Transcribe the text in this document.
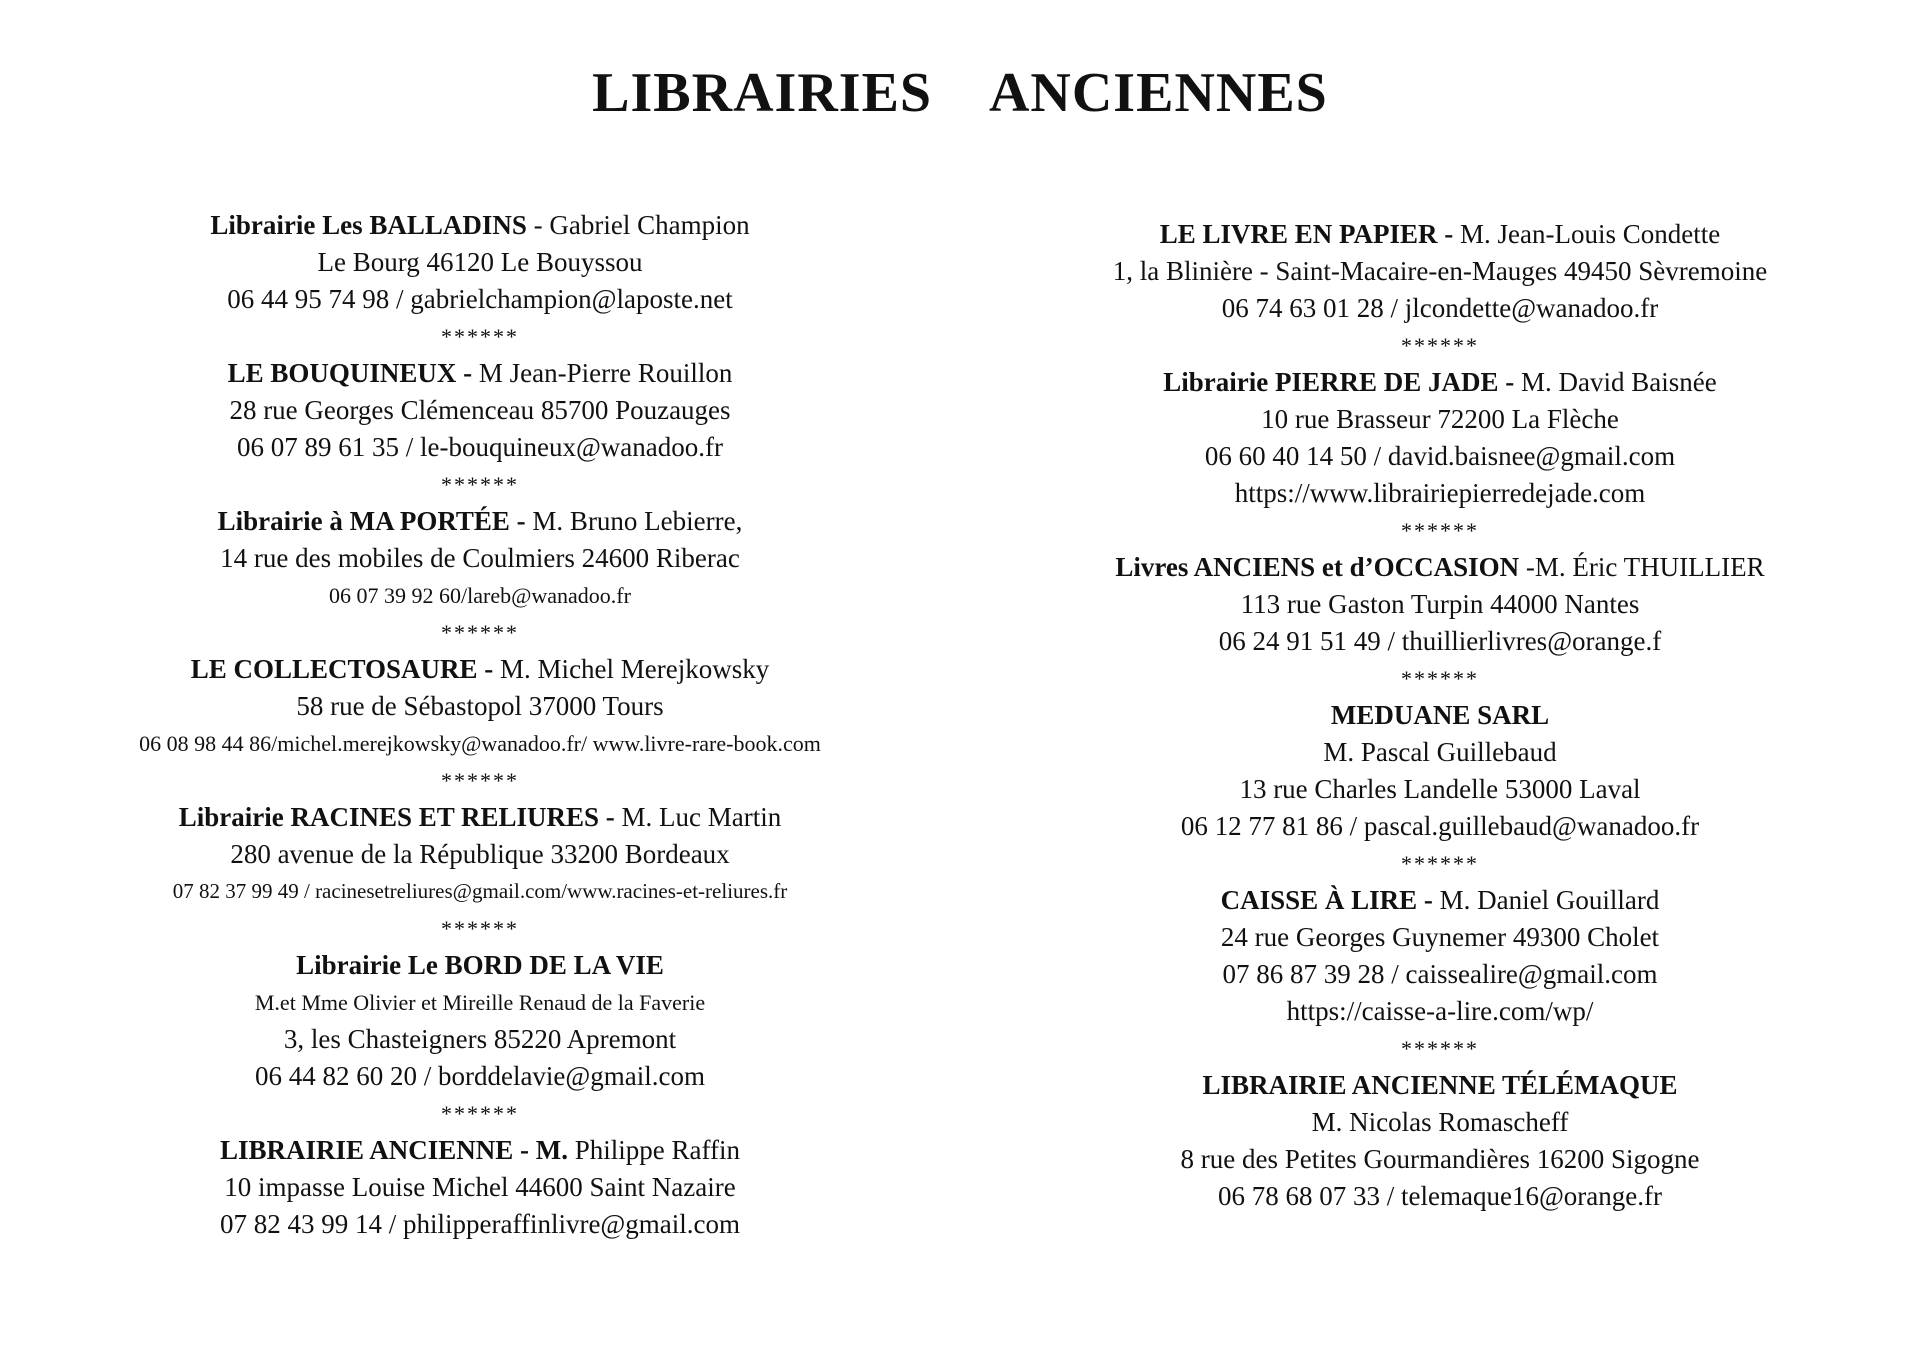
LIBRAIRIES    ANCIENNES
Librairie Les BALLADINS - Gabriel Champion
Le Bourg 46120 Le Bouyssou
06 44 95 74 98 / gabrielchampion@laposte.net
******
LE BOUQUINEUX - M Jean-Pierre Rouillon
28 rue Georges Clémenceau 85700 Pouzauges
06 07 89 61 35 / le-bouquineux@wanadoo.fr
******
Librairie à MA PORTÉE - M. Bruno Lebierre,
14 rue des mobiles de Coulmiers 24600 Riberac
06 07 39 92 60/lareb@wanadoo.fr
******
LE COLLECTOSAURE - M. Michel Merejkowsky
58 rue de Sébastopol 37000 Tours
06 08 98 44 86/michel.merejkowsky@wanadoo.fr/ www.livre-rare-book.com
******
Librairie RACINES ET RELIURES - M. Luc Martin
280 avenue de la République 33200 Bordeaux
07 82 37 99 49 / racinesetreliures@gmail.com/www.racines-et-reliures.fr
******
Librairie Le BORD DE LA VIE
M.et Mme Olivier et Mireille Renaud de la Faverie
3, les Chasteigners 85220 Apremont
06 44 82 60 20 / borddelavie@gmail.com
******
LIBRAIRIE ANCIENNE - M. Philippe Raffin
10 impasse Louise Michel 44600 Saint Nazaire
07 82 43 99 14 / philipperaffinlivre@gmail.com
LE LIVRE EN PAPIER - M. Jean-Louis Condette
1, la Blinière - Saint-Macaire-en-Mauges 49450 Sèvremoine
06 74 63 01 28 / jlcondette@wanadoo.fr
******
Librairie PIERRE DE JADE - M. David Baisnée
10 rue Brasseur 72200 La Flèche
06 60 40 14 50 / david.baisnee@gmail.com
https://www.librairiepierredejade.com
******
Livres ANCIENS et d’OCCASION -M. Éric THUILLIER
113 rue Gaston Turpin 44000 Nantes
06 24 91 51 49 / thuillierlivres@orange.f
******
MEDUANE SARL
M. Pascal Guillebaud
13 rue Charles Landelle 53000 Laval
06 12 77 81 86 / pascal.guillebaud@wanadoo.fr
******
CAISSE À LIRE - M. Daniel Gouillard
24 rue Georges Guynemer 49300 Cholet
07 86 87 39 28 / caissealire@gmail.com
https://caisse-a-lire.com/wp/
******
LIBRAIRIE ANCIENNE TÉLÉMAQUE
M. Nicolas Romascheff
8 rue des Petites Gourmandières 16200 Sigogne
06 78 68 07 33 / telemaque16@orange.fr
